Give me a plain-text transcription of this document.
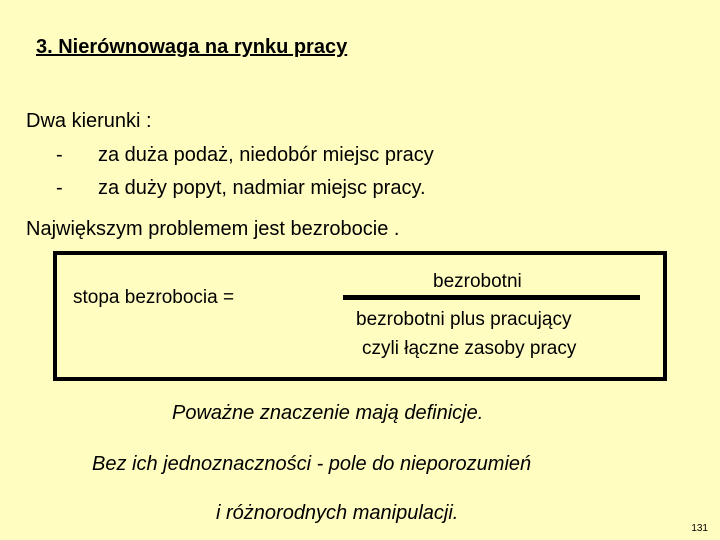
3. Nierównowaga na rynku pracy
Dwa kierunki :
- za duża podaż, niedobór miejsc pracy
- za duży popyt, nadmiar miejsc pracy.
Największym problemem jest bezrobocie .
stopa bezrobocia =
bezrobotni
bezrobotni plus pracujący
czyli łączne zasoby pracy
Poważne znaczenie mają definicje.
Bez ich jednoznaczności - pole do nieporozumień
i różnorodnych manipulacji.
131
